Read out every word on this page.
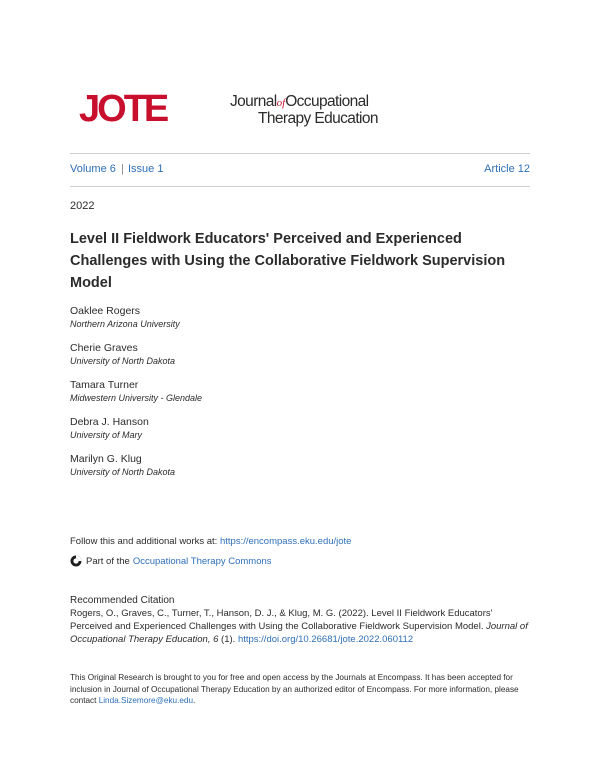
JOTE	JournalofOccupational
Therapy Education
Volume 6 | Issue 1	Article 12
2022
Level II Fieldwork Educators' Perceived and Experienced Challenges with Using the Collaborative Fieldwork Supervision Model
Oaklee Rogers
Northern Arizona University
Cherie Graves
University of North Dakota
Tamara Turner
Midwestern University - Glendale
Debra J. Hanson
University of Mary
Marilyn G. Klug
University of North Dakota
Follow this and additional works at: https://encompass.eku.edu/jote
Part of the Occupational Therapy Commons
Recommended Citation
Rogers, O., Graves, C., Turner, T., Hanson, D. J., & Klug, M. G. (2022). Level II Fieldwork Educators' Perceived and Experienced Challenges with Using the Collaborative Fieldwork Supervision Model. Journal of Occupational Therapy Education, 6 (1). https://doi.org/10.26681/jote.2022.060112
This Original Research is brought to you for free and open access by the Journals at Encompass. It has been accepted for inclusion in Journal of Occupational Therapy Education by an authorized editor of Encompass. For more information, please contact Linda.Sizemore@eku.edu.
